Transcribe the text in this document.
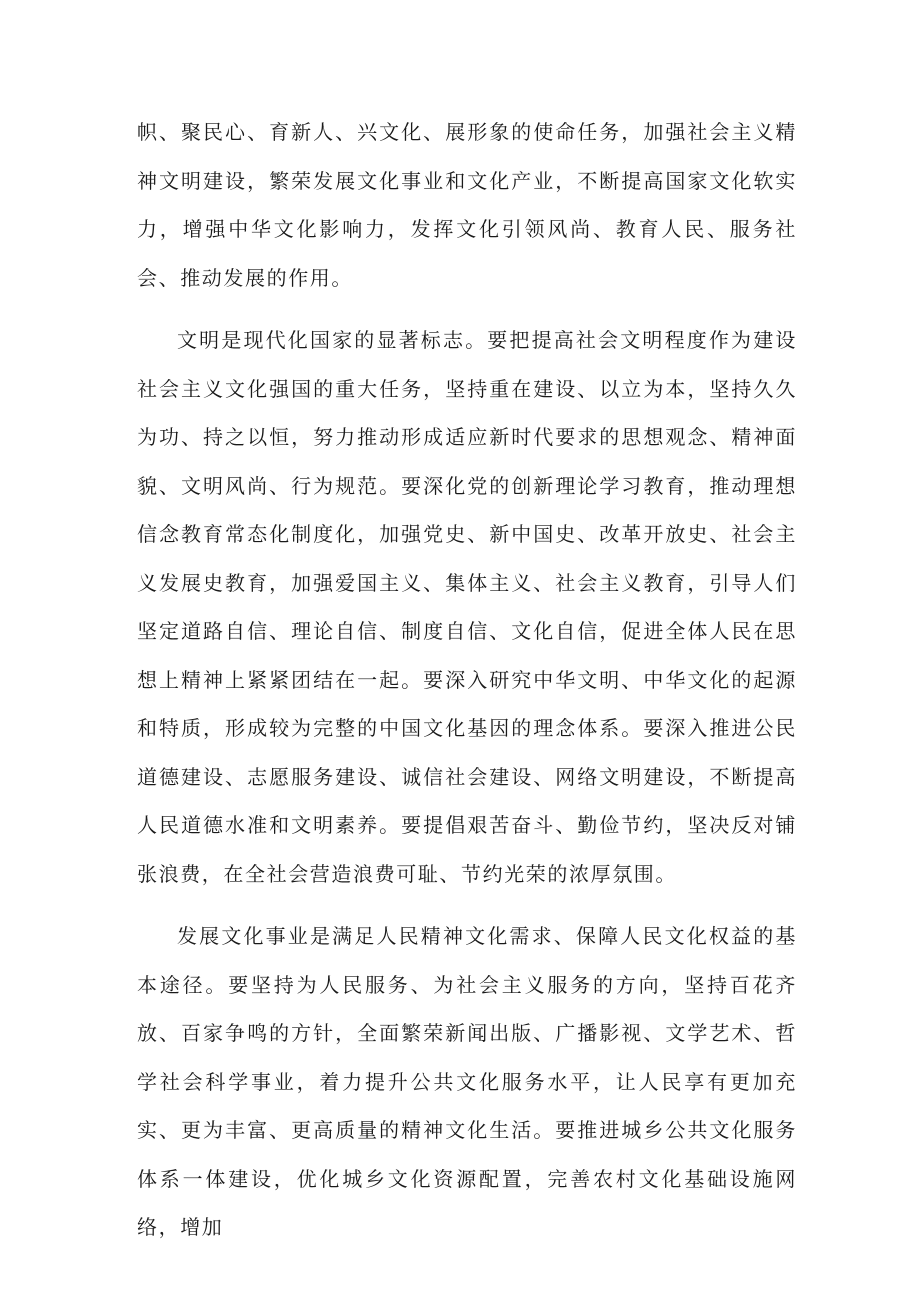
帜、聚民心、育新人、兴文化、展形象的使命任务，加强社会主义精神文明建设，繁荣发展文化事业和文化产业，不断提高国家文化软实力，增强中华文化影响力，发挥文化引领风尚、教育人民、服务社会、推动发展的作用。

文明是现代化国家的显著标志。要把提高社会文明程度作为建设社会主义文化强国的重大任务，坚持重在建设、以立为本，坚持久久为功、持之以恒，努力推动形成适应新时代要求的思想观念、精神面貌、文明风尚、行为规范。要深化党的创新理论学习教育，推动理想信念教育常态化制度化，加强党史、新中国史、改革开放史、社会主义发展史教育，加强爱国主义、集体主义、社会主义教育，引导人们坚定道路自信、理论自信、制度自信、文化自信，促进全体人民在思想上精神上紧紧团结在一起。要深入研究中华文明、中华文化的起源和特质，形成较为完整的中国文化基因的理念体系。要深入推进公民道德建设、志愿服务建设、诚信社会建设、网络文明建设，不断提高人民道德水准和文明素养。要提倡艰苦奋斗、勤俭节约，坚决反对铺张浪费，在全社会营造浪费可耻、节约光荣的浓厚氛围。

发展文化事业是满足人民精神文化需求、保障人民文化权益的基本途径。要坚持为人民服务、为社会主义服务的方向，坚持百花齐放、百家争鸣的方针，全面繁荣新闻出版、广播影视、文学艺术、哲学社会科学事业，着力提升公共文化服务水平，让人民享有更加充实、更为丰富、更高质量的精神文化生活。要推进城乡公共文化服务体系一体建设，优化城乡文化资源配置，完善农村文化基础设施网络，增加
